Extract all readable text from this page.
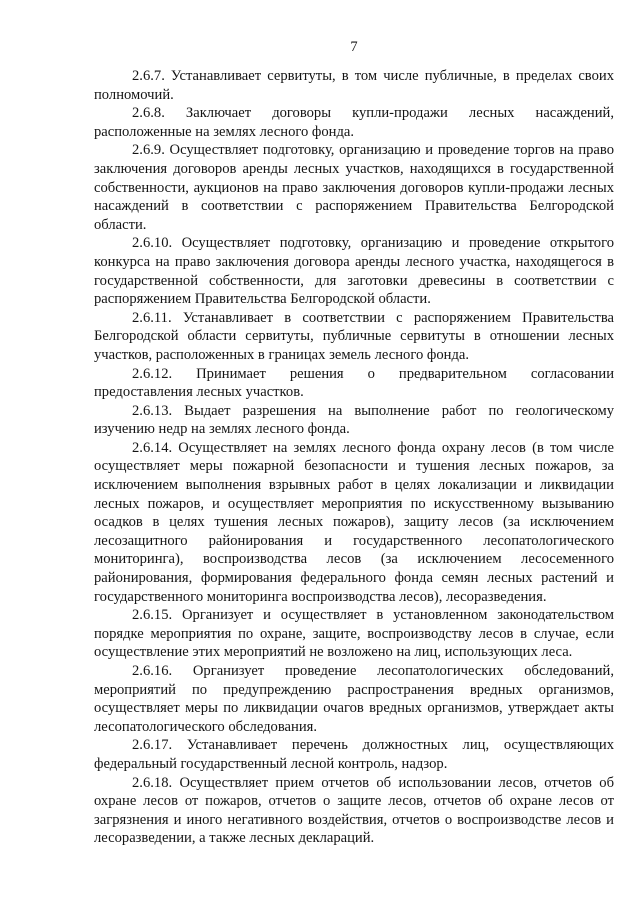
7

2.6.7. Устанавливает сервитуты, в том числе публичные, в пределах своих полномочий.

2.6.8. Заключает договоры купли-продажи лесных насаждений, расположенные на землях лесного фонда.

2.6.9. Осуществляет подготовку, организацию и проведение торгов на право заключения договоров аренды лесных участков, находящихся в государственной собственности, аукционов на право заключения договоров купли-продажи лесных насаждений в соответствии с распоряжением Правительства Белгородской области.

2.6.10. Осуществляет подготовку, организацию и проведение открытого конкурса на право заключения договора аренды лесного участка, находящегося в государственной собственности, для заготовки древесины в соответствии с распоряжением Правительства Белгородской области.

2.6.11. Устанавливает в соответствии с распоряжением Правительства Белгородской области сервитуты, публичные сервитуты в отношении лесных участков, расположенных в границах земель лесного фонда.

2.6.12. Принимает решения о предварительном согласовании предоставления лесных участков.

2.6.13. Выдает разрешения на выполнение работ по геологическому изучению недр на землях лесного фонда.

2.6.14. Осуществляет на землях лесного фонда охрану лесов (в том числе осуществляет меры пожарной безопасности и тушения лесных пожаров, за исключением выполнения взрывных работ в целях локализации и ликвидации лесных пожаров, и осуществляет мероприятия по искусственному вызыванию осадков в целях тушения лесных пожаров), защиту лесов (за исключением лесозащитного районирования и государственного лесопатологического мониторинга), воспроизводства лесов (за исключением лесосеменного районирования, формирования федерального фонда семян лесных растений и государственного мониторинга воспроизводства лесов), лесоразведения.

2.6.15. Организует и осуществляет в установленном законодательством порядке мероприятия по охране, защите, воспроизводству лесов в случае, если осуществление этих мероприятий не возложено на лиц, использующих леса.

2.6.16. Организует проведение лесопатологических обследований, мероприятий по предупреждению распространения вредных организмов, осуществляет меры по ликвидации очагов вредных организмов, утверждает акты лесопатологического обследования.

2.6.17. Устанавливает перечень должностных лиц, осуществляющих федеральный государственный лесной контроль, надзор.

2.6.18. Осуществляет прием отчетов об использовании лесов, отчетов об охране лесов от пожаров, отчетов о защите лесов, отчетов об охране лесов от загрязнения и иного негативного воздействия, отчетов о воспроизводстве лесов и лесоразведении, а также лесных деклараций.
